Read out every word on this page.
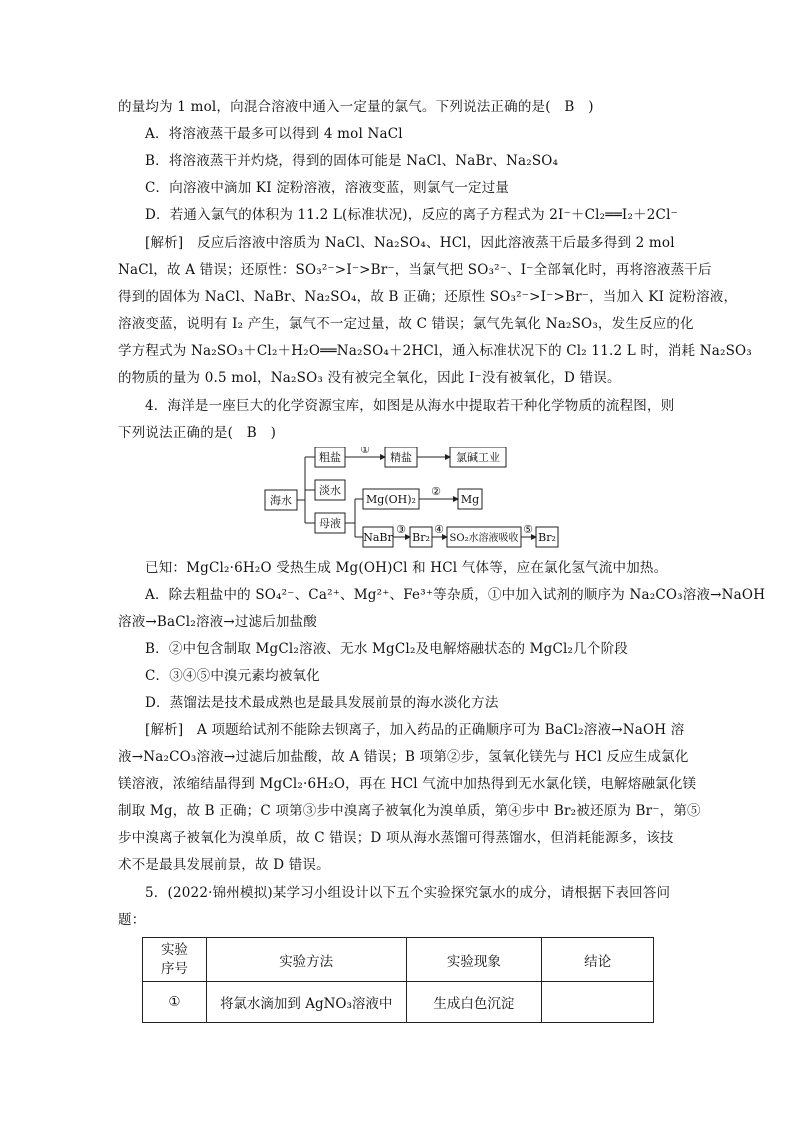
的量均为 1 mol，向混合溶液中通入一定量的氯气。下列说法正确的是(　B　)
A．将溶液蒸干最多可以得到 4 mol NaCl
B．将溶液蒸干并灼烧，得到的固体可能是 NaCl、NaBr、Na₂SO₄
C．向溶液中滴加 KI 淀粉溶液，溶液变蓝，则氯气一定过量
D．若通入氯气的体积为 11.2 L(标准状况)，反应的离子方程式为 2I⁻＋Cl₂══I₂＋2Cl⁻
[解析]　反应后溶液中溶质为 NaCl、Na₂SO₄、HCl，因此溶液蒸干后最多得到 2 mol
NaCl，故 A 错误；还原性：SO₃²⁻>I⁻>Br⁻，当氯气把 SO₃²⁻、I⁻全部氧化时，再将溶液蒸干后
得到的固体为 NaCl、NaBr、Na₂SO₄，故 B 正确；还原性 SO₃²⁻>I⁻>Br⁻，当加入 KI 淀粉溶液，
溶液变蓝，说明有 I₂ 产生，氯气不一定过量，故 C 错误；氯气先氧化 Na₂SO₃，发生反应的化
学方程式为 Na₂SO₃＋Cl₂＋H₂O══Na₂SO₄＋2HCl，通入标准状况下的 Cl₂ 11.2 L 时，消耗 Na₂SO₃
的物质的量为 0.5 mol，Na₂SO₃ 没有被完全氧化，因此 I⁻没有被氧化，D 错误。
4．海洋是一座巨大的化学资源宝库，如图是从海水中提取若干种化学物质的流程图，则
下列说法正确的是(　B　)
海水
粗盐
①
精盐	氯碱工业
淡水
母液
Mg(OH)₂
②
Mg
NaBr
③
Br₂
④
SO₂水溶液吸收
⑤
Br₂
已知：MgCl₂·6H₂O 受热生成 Mg(OH)Cl 和 HCl 气体等，应在氯化氢气流中加热。
A．除去粗盐中的 SO₄²⁻、Ca²⁺、Mg²⁺、Fe³⁺等杂质，①中加入试剂的顺序为 Na₂CO₃溶液→NaOH
溶液→BaCl₂溶液→过滤后加盐酸
B．②中包含制取 MgCl₂溶液、无水 MgCl₂及电解熔融状态的 MgCl₂几个阶段
C．③④⑤中溴元素均被氧化
D．蒸馏法是技术最成熟也是最具发展前景的海水淡化方法
[解析]　A 项题给试剂不能除去钡离子，加入药品的正确顺序可为 BaCl₂溶液→NaOH 溶
液→Na₂CO₃溶液→过滤后加盐酸，故 A 错误；B 项第②步，氢氧化镁先与 HCl 反应生成氯化
镁溶液，浓缩结晶得到 MgCl₂·6H₂O，再在 HCl 气流中加热得到无水氯化镁，电解熔融氯化镁
制取 Mg，故 B 正确；C 项第③步中溴离子被氧化为溴单质，第④步中 Br₂被还原为 Br⁻，第⑤
步中溴离子被氧化为溴单质，故 C 错误；D 项从海水蒸馏可得蒸馏水，但消耗能源多，该技
术不是最具发展前景，故 D 错误。
5．(2022·锦州模拟)某学习小组设计以下五个实验探究氯水的成分，请根据下表回答问
题：
实验
序号	实验方法	实验现象	结论
①	将氯水滴加到 AgNO₃溶液中	生成白色沉淀	
